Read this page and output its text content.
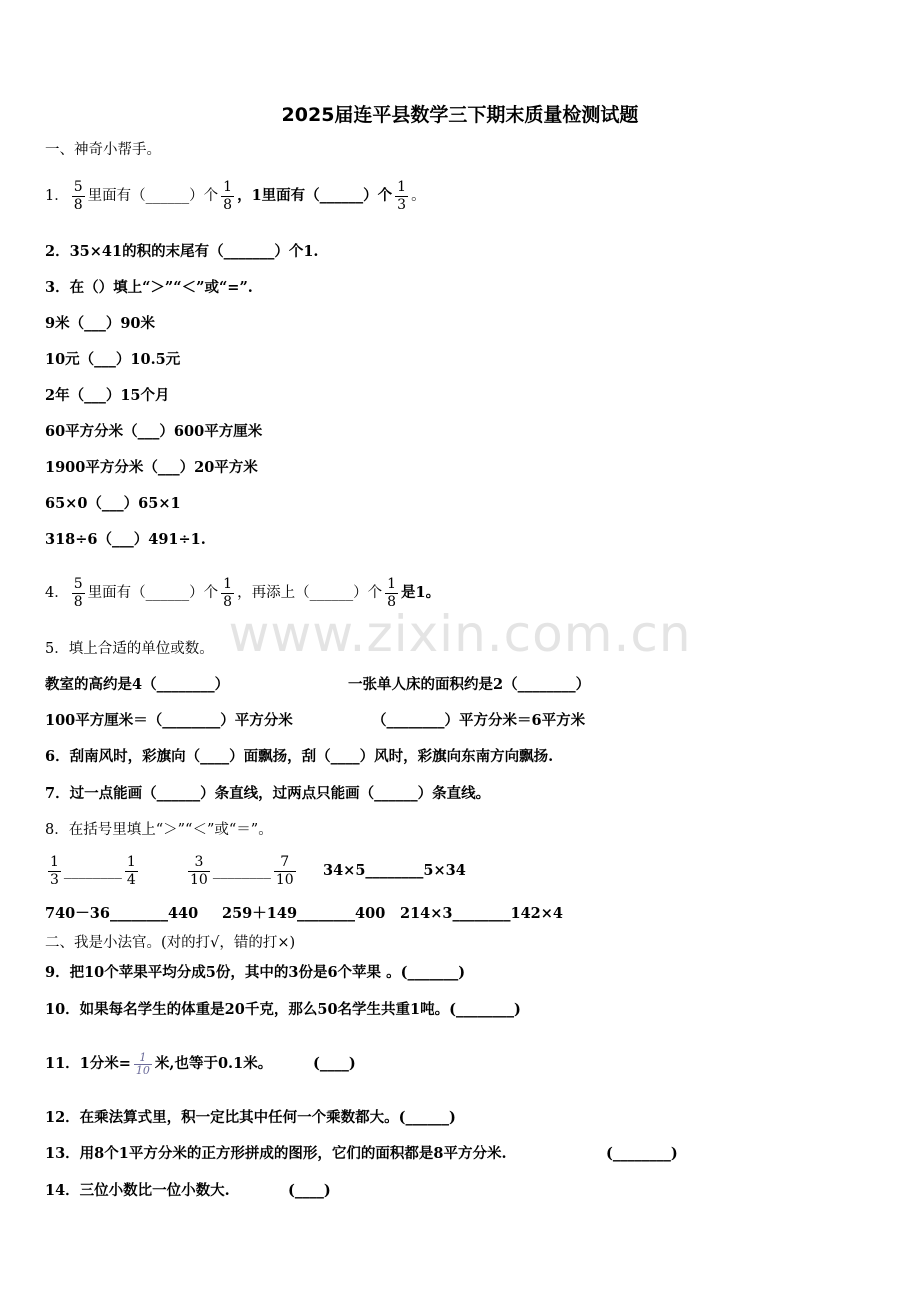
www.zixin.com.cn
2025届连平县数学三下期末质量检测试题
一、神奇小帮手。
1． $\frac{5}{8}$ 里面有（______）个 $\frac{1}{8}$ ，1里面有（______）个 $\frac{1}{3}$ 。
2．35×41的积的末尾有（_______）个1.
3．在（）填上“＞”“＜”或“=”.
9米（___）90米
10元（___）10.5元
2年（___）15个月
60平方分米（___）600平方厘米
1900平方分米（___）20平方米
65×0（___）65×1
318÷6（___）491÷1.
4． $\frac{5}{8}$ 里面有（______）个 $\frac{1}{8}$ ，再添上（______）个 $\frac{1}{8}$ 是1。
5．填上合适的单位或数。
教室的高约是4（________）	一张单人床的面积约是2（________）
100平方厘米＝（________）平方分米	（________）平方分米＝6平方米
6．刮南风时，彩旗向（____）面飘扬，刮（____）风时，彩旗向东南方向飘扬.
7．过一点能画（______）条直线，过两点只能画（______）条直线。
8．在括号里填上“＞”“＜”或“＝”。
$\frac{1}{3}$ ________ $\frac{1}{4}$	$\frac{3}{10}$ ________ $\frac{7}{10}$ 34×5________5×34
740－36________440 259＋149________400 214×3________142×4
二、我是小法官。(对的打√，错的打×)
9．把10个苹果平均分成5份，其中的3份是6个苹果 。(_______)
10．如果每名学生的体重是20千克，那么50名学生共重1吨。(________)
11．1分米= $\frac{1}{10}$ 米,也等于0.1米。	(____)
12．在乘法算式里，积一定比其中任何一个乘数都大。(______)
13．用8个1平方分米的正方形拼成的图形，它们的面积都是8平方分米.	(________)
14．三位小数比一位小数大.	(____)
